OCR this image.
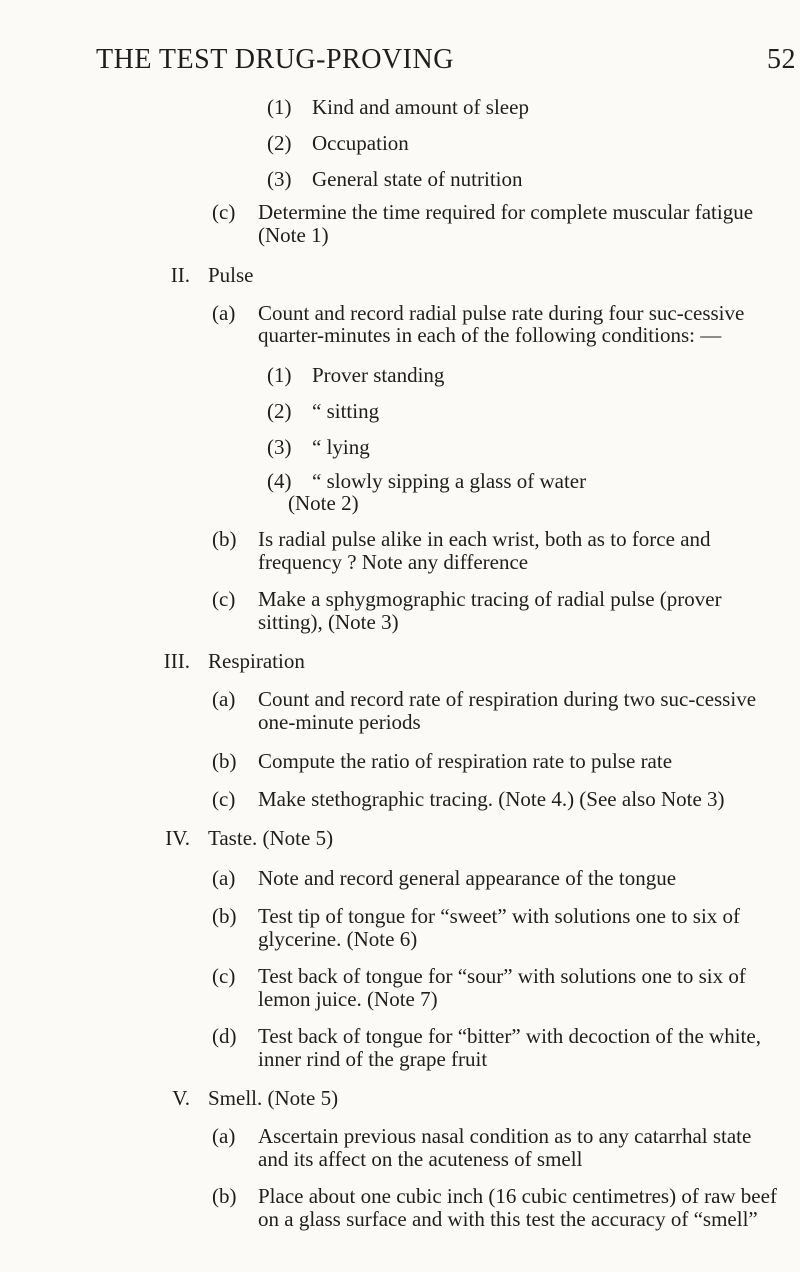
THE TEST DRUG-PROVING	52
(1) Kind and amount of sleep
(2) Occupation
(3) General state of nutrition
(c) Determine the time required for complete muscular fatigue
(Note 1)
II. Pulse
(a) Count and record radial pulse rate during four suc-cessive quarter-minutes in each of the following conditions: —
(1) Prover standing
(2) “ sitting
(3) “ lying
(4) “ slowly sipping a glass of water
(Note 2)
(b) Is radial pulse alike in each wrist, both as to force and frequency ? Note any difference
(c) Make a sphygmographic tracing of radial pulse (prover sitting), (Note 3)
III. Respiration
(a) Count and record rate of respiration during two suc-cessive one-minute periods
(b) Compute the ratio of respiration rate to pulse rate
(c) Make stethographic tracing. (Note 4.) (See also Note 3)
IV. Taste. (Note 5)
(a) Note and record general appearance of the tongue
(b) Test tip of tongue for “sweet” with solutions one to six of glycerine. (Note 6)
(c) Test back of tongue for “sour” with solutions one to six of lemon juice. (Note 7)
(d) Test back of tongue for “bitter” with decoction of the white, inner rind of the grape fruit
V. Smell. (Note 5)
(a) Ascertain previous nasal condition as to any catarrhal state and its affect on the acuteness of smell
(b) Place about one cubic inch (16 cubic centimetres) of raw beef on a glass surface and with this test the accuracy of “smell”
